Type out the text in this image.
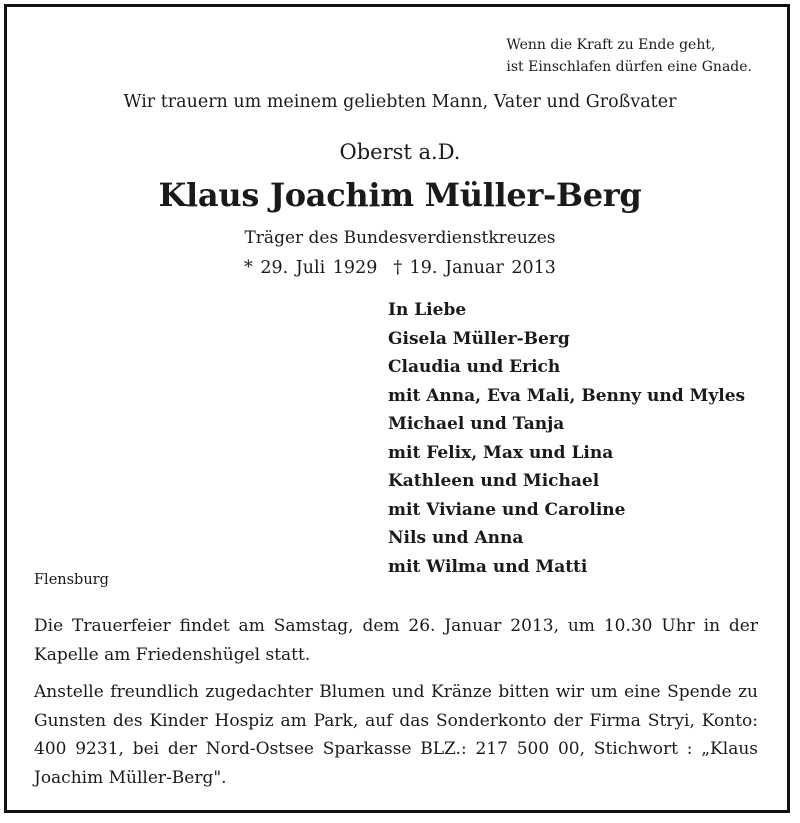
Wenn die Kraft zu Ende geht,
ist Einschlafen dürfen eine Gnade.
Wir trauern um meinem geliebten Mann, Vater und Großvater
Oberst a.D.
Klaus Joachim Müller-Berg
Träger des Bundesverdienstkreuzes
* 29. Juli 1929 † 19. Januar 2013
In Liebe
Gisela Müller-Berg
Claudia und Erich
mit Anna, Eva Mali, Benny und Myles
Michael und Tanja
mit Felix, Max und Lina
Kathleen und Michael
mit Viviane und Caroline
Nils und Anna
mit Wilma und Matti
Flensburg

Die Trauerfeier findet am Samstag, dem 26. Januar 2013, um 10.30 Uhr in der Kapelle am Friedenshügel statt.

Anstelle freundlich zugedachter Blumen und Kränze bitten wir um eine Spende zu Gunsten des Kinder Hospiz am Park, auf das Sonderkonto der Firma Stryi, Konto: 400 9231, bei der Nord-Ostsee Sparkasse BLZ.: 217 500 00, Stichwort : „Klaus Joachim Müller-Berg".
